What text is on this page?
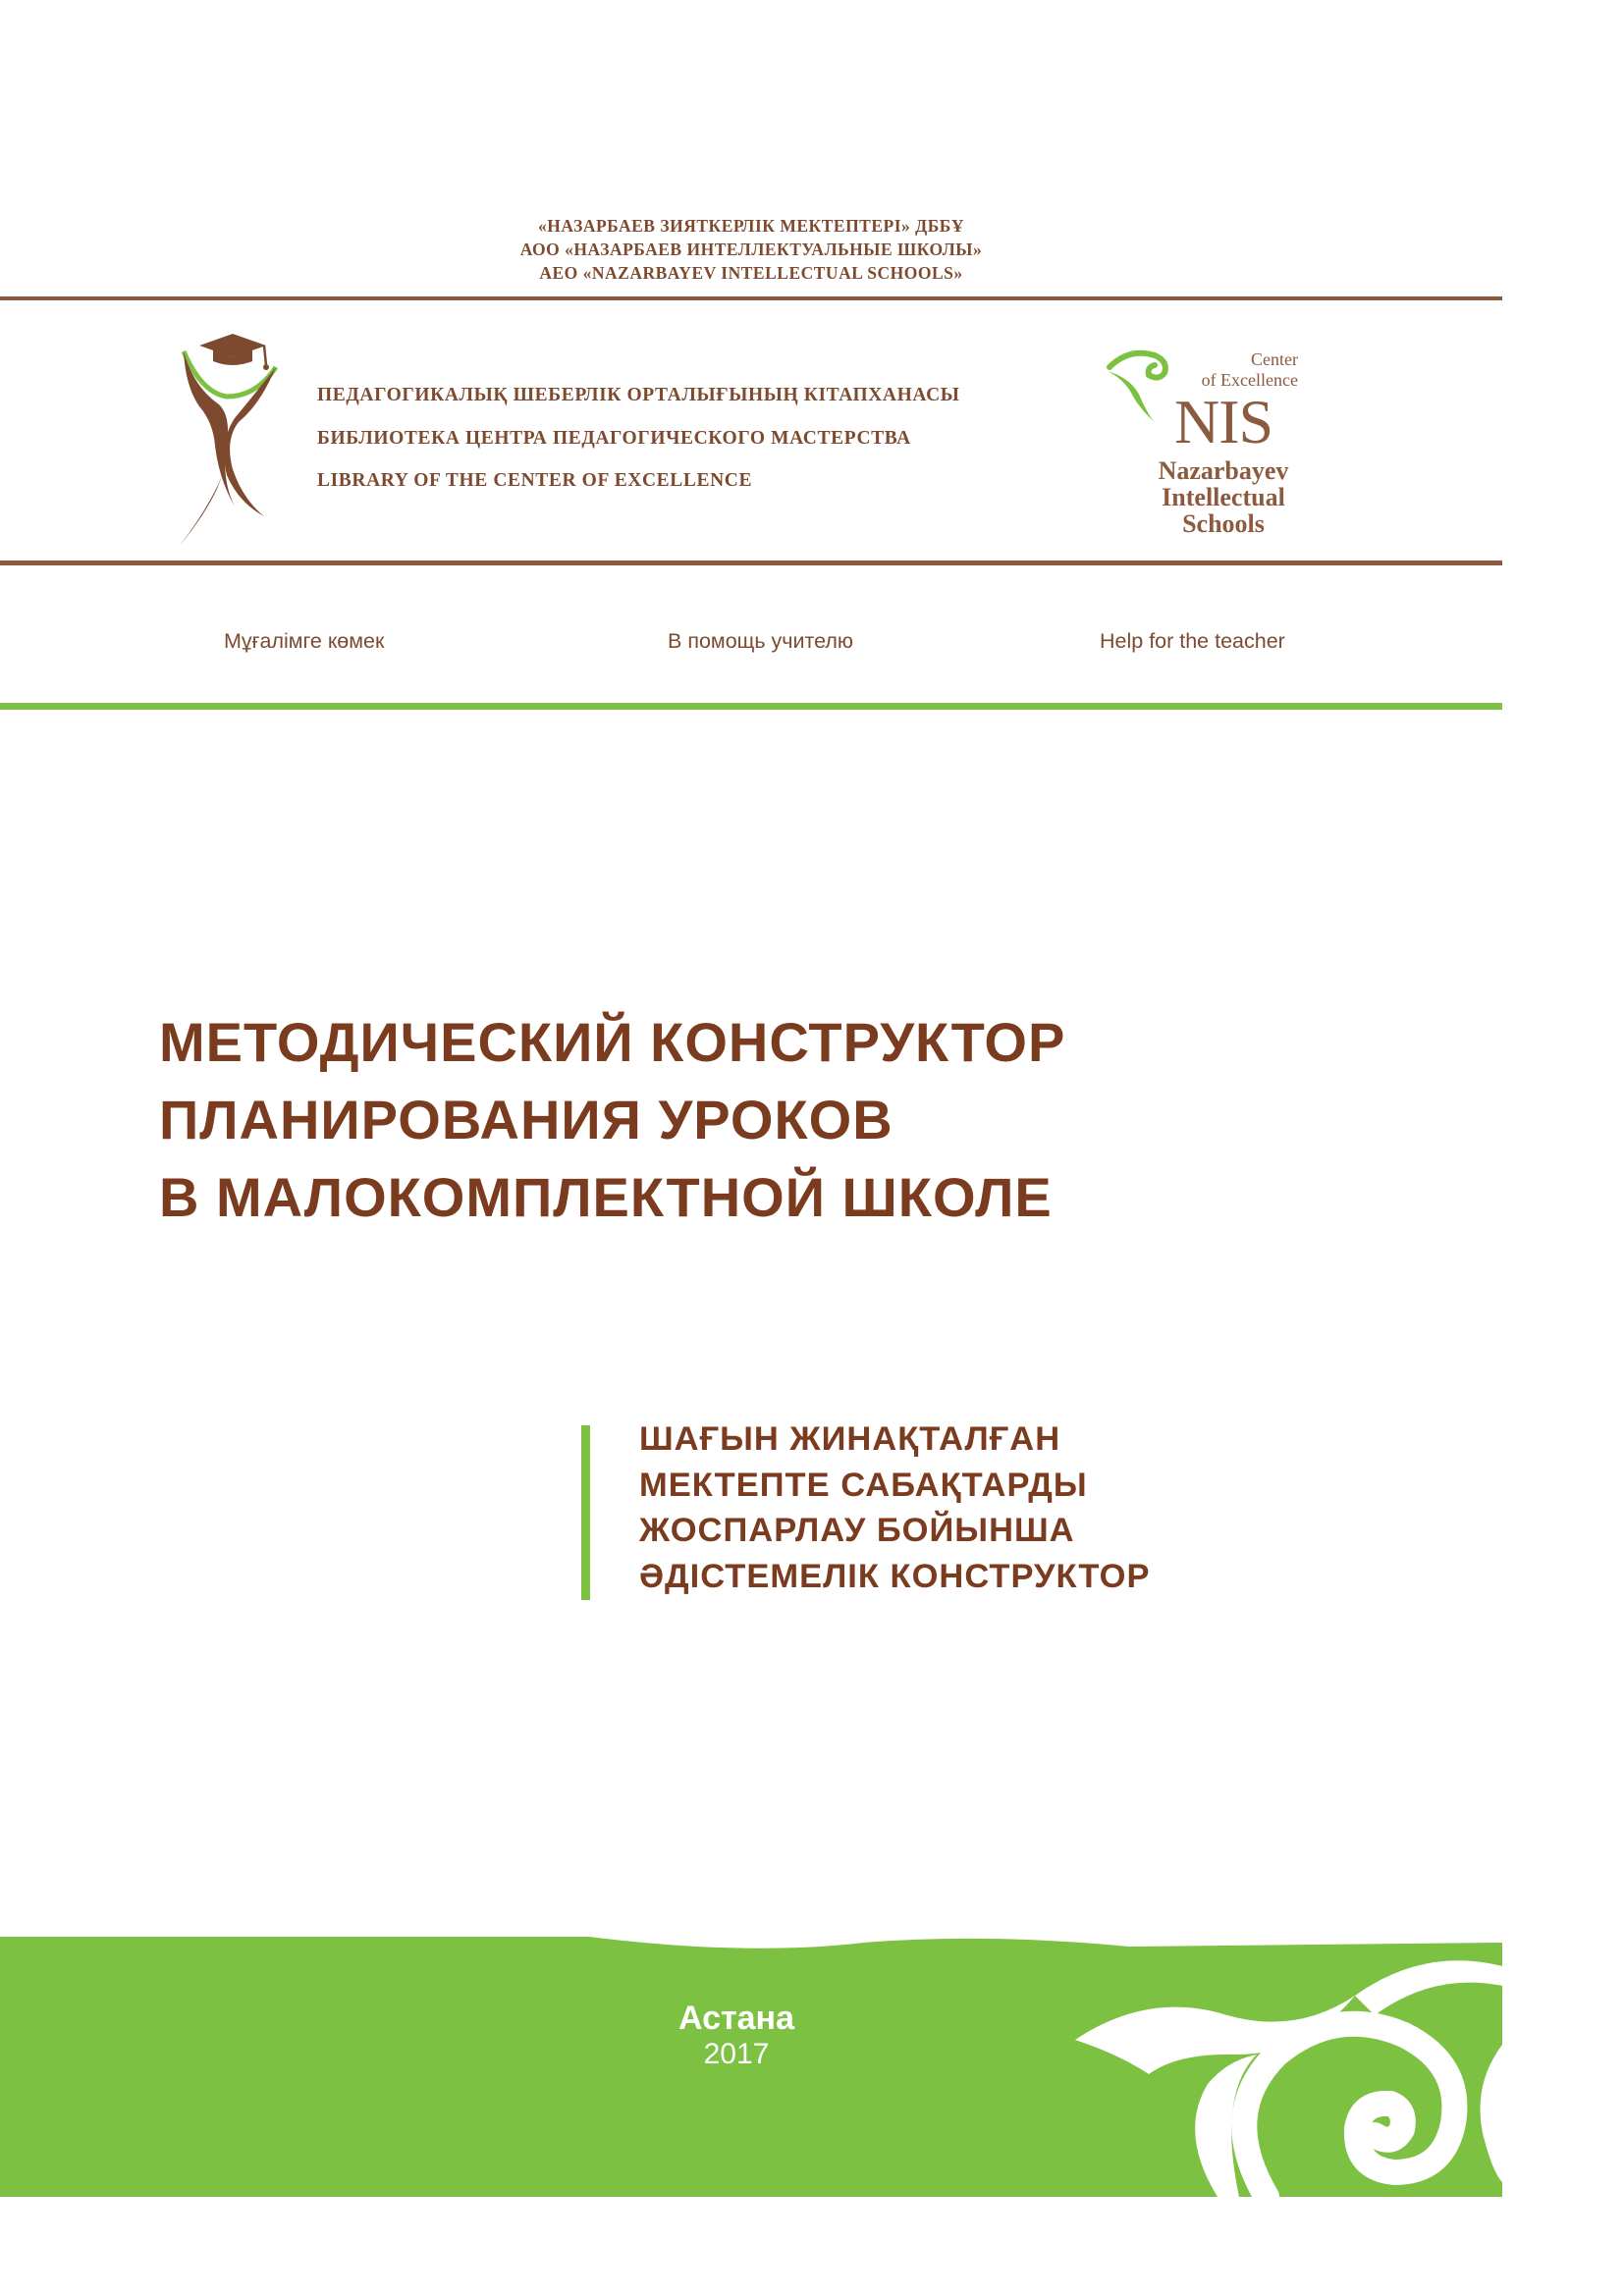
«НАЗАРБАЕВ ЗИЯТКЕРЛІК МЕКТЕПТЕРІ» ДББҰ
АОО «НАЗАРБАЕВ ИНТЕЛЛЕКТУАЛЬНЫЕ ШКОЛЫ»
AEO «NAZARBAYEV INTELLECTUAL SCHOOLS»
ПЕДАГОГИКАЛЫҚ ШЕБЕРЛІК ОРТАЛЫҒЫНЫҢ КІТАПХАНАСЫ
БИБЛИОТЕКА ЦЕНТРА ПЕДАГОГИЧЕСКОГО МАСТЕРСТВА
LIBRARY OF THE CENTER OF EXCELLENCE
Center
of Excellence
NIS
Nazarbayev
Intellectual
Schools
Мұғалімге көмек	В помощь учителю	Help for the teacher
МЕТОДИЧЕСКИЙ КОНСТРУКТОР
ПЛАНИРОВАНИЯ УРОКОВ
В МАЛОКОМПЛЕКТНОЙ ШКОЛЕ
ШАҒЫН ЖИНАҚТАЛҒАН
МЕКТЕПТЕ САБАҚТАРДЫ
ЖОСПАРЛАУ БОЙЫНША
ӘДІСТЕМЕЛІК КОНСТРУКТОР
Астана
2017
